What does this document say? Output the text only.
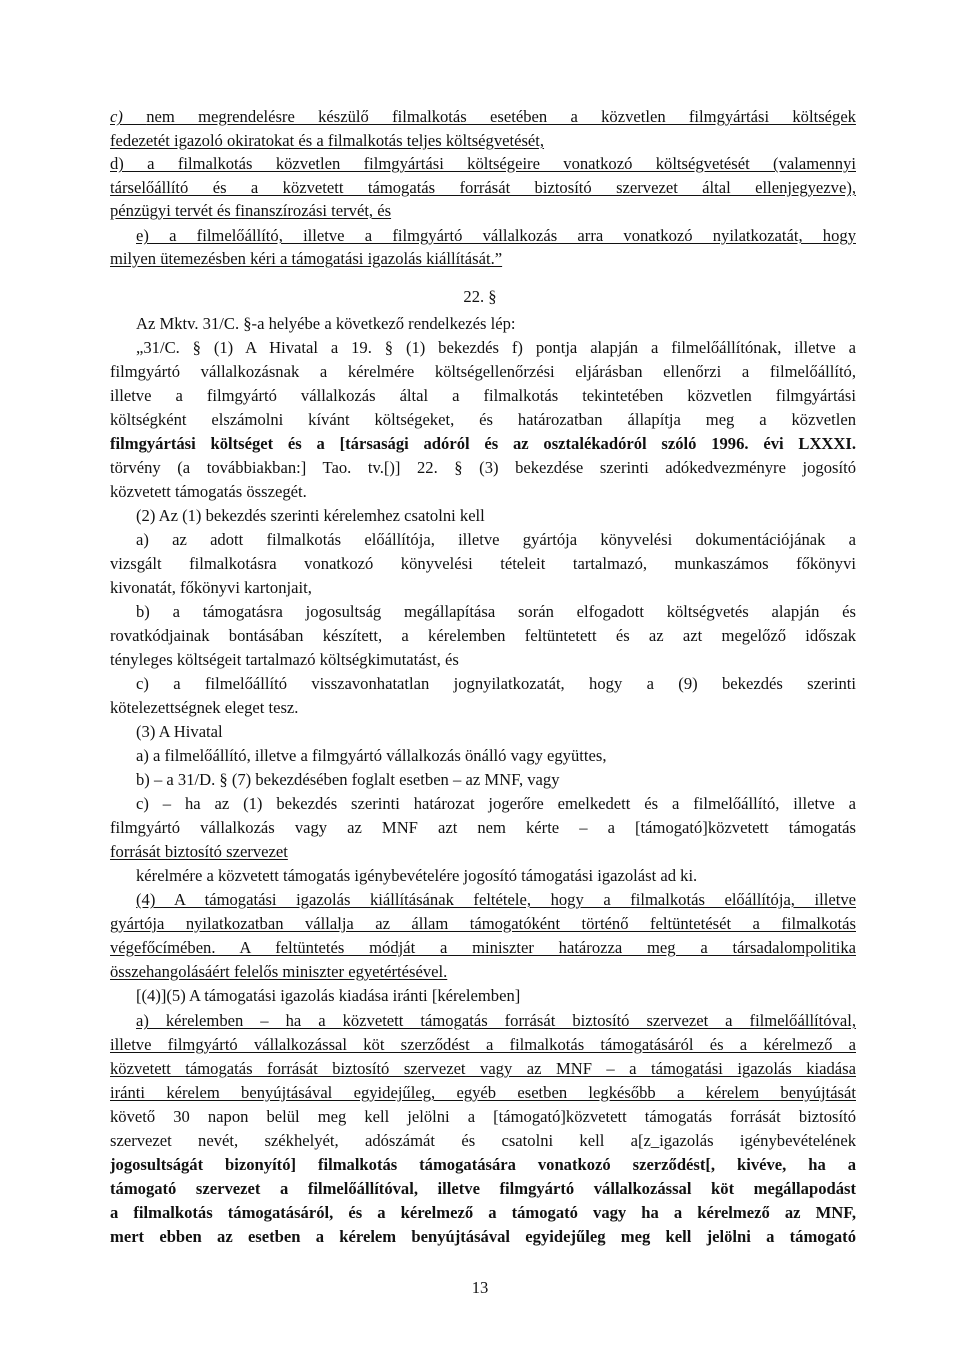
c) nem megrendelésre készülő filmalkotás esetében a közvetlen filmgyártási költségek
fedezetét igazoló okiratokat és a filmalkotás teljes költségvetését,
d) a filmalkotás közvetlen filmgyártási költségeire vonatkozó költségvetését (valamennyi
társelőállító és a közvetett támogatás forrását biztosító szervezet által ellenjegyezve),
pénzügyi tervét és finanszírozási tervét, és
e) a filmelőállító, illetve a filmgyártó vállalkozás arra vonatkozó nyilatkozatát, hogy
milyen ütemezésben kéri a támogatási igazolás kiállítását.”
22. §
Az Mktv. 31/C. §-a helyébe a következő rendelkezés lép:
„31/C. § (1) A Hivatal a 19. § (1) bekezdés f) pontja alapján a filmelőállítónak, illetve a
filmgyártó vállalkozásnak a kérelmére költségellenőrzési eljárásban ellenőrzi a filmelőállító,
illetve a filmgyártó vállalkozás által a filmalkotás tekintetében közvetlen filmgyártási
költségként elszámolni kívánt költségeket, és határozatban állapítja meg a közvetlen
filmgyártási költséget és a [társasági adóról és az osztalékadóról szóló 1996. évi LXXXI.
törvény (a továbbiakban:] Tao. tv.[)] 22. § (3) bekezdése szerinti adókedvezményre jogosító
közvetett támogatás összegét.
(2) Az (1) bekezdés szerinti kérelemhez csatolni kell
a) az adott filmalkotás előállítója, illetve gyártója könyvelési dokumentációjának a
vizsgált filmalkotásra vonatkozó könyvelési tételeit tartalmazó, munkaszámos főkönyvi
kivonatát, főkönyvi kartonjait,
b) a támogatásra jogosultság megállapítása során elfogadott költségvetés alapján és
rovatkódjainak bontásában készített, a kérelemben feltüntetett és az azt megelőző időszak
tényleges költségeit tartalmazó költségkimutatást, és
c) a filmelőállító visszavonhatatlan jognyilatkozatát, hogy a (9) bekezdés szerinti
kötelezettségnek eleget tesz.
(3) A Hivatal
a) a filmelőállító, illetve a filmgyártó vállalkozás önálló vagy együttes,
b) – a 31/D. § (7) bekezdésében foglalt esetben – az MNF, vagy
c) – ha az (1) bekezdés szerinti határozat jogerőre emelkedett és a filmelőállító, illetve a
filmgyártó vállalkozás vagy az MNF azt nem kérte – a [támogató]közvetett támogatás
forrását biztosító szervezet
kérelmére a közvetett támogatás igénybevételére jogosító támogatási igazolást ad ki.
(4) A támogatási igazolás kiállításának feltétele, hogy a filmalkotás előállítója, illetve
gyártója nyilatkozatban vállalja az állam támogatóként történő feltüntetését a filmalkotás
végefőcímében. A feltüntetés módját a miniszter határozza meg a társadalompolitika
összehangolásáért felelős miniszter egyetértésével.
[(4)](5) A támogatási igazolás kiadása iránti [kérelemben]
a) kérelemben – ha a közvetett támogatás forrását biztosító szervezet a filmelőállítóval,
illetve filmgyártó vállalkozással köt szerződést a filmalkotás támogatásáról és a kérelmező a
közvetett támogatás forrását biztosító szervezet vagy az MNF – a támogatási igazolás kiadása
iránti kérelem benyújtásával egyidejűleg, egyéb esetben legkésőbb a kérelem benyújtását
követő 30 napon belül meg kell jelölni a [támogató]közvetett támogatás forrását biztosító
szervezet nevét, székhelyét, adószámát és csatolni kell a[z_igazolás igénybevételének
jogosultságát bizonyító] filmalkotás támogatására vonatkozó szerződést[, kivéve, ha a
támogató szervezet a filmelőállítóval, illetve filmgyártó vállalkozással köt megállapodást
a filmalkotás támogatásáról, és a kérelmező a támogató vagy ha a kérelmező az MNF,
mert ebben az esetben a kérelem benyújtásával egyidejűleg meg kell jelölni a támogató
13
